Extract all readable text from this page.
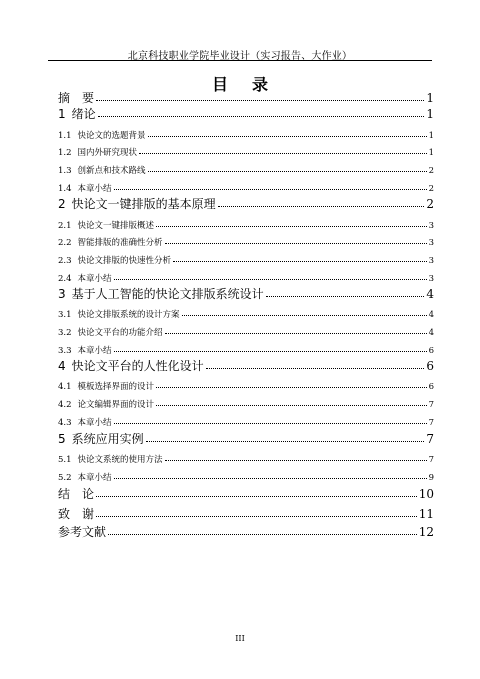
北京科技职业学院毕业设计（实习报告、大作业）
目录
摘　要	1
1 绪论	1
1.1 快论文的选题背景	1
1.2 国内外研究现状	1
1.3 创新点和技术路线	2
1.4 本章小结	2
2 快论文一键排版的基本原理	2
2.1 快论文一键排版概述	3
2.2 智能排版的准确性分析	3
2.3 快论文排版的快速性分析	3
2.4 本章小结	3
3 基于人工智能的快论文排版系统设计	4
3.1 快论文排版系统的设计方案	4
3.2 快论文平台的功能介绍	4
3.3 本章小结	6
4 快论文平台的人性化设计	6
4.1 模板选择界面的设计	6
4.2 论文编辑界面的设计	7
4.3 本章小结	7
5 系统应用实例	7
5.1 快论文系统的使用方法	7
5.2 本章小结	9
结　论	10
致　谢	11
参考文献	12
III
